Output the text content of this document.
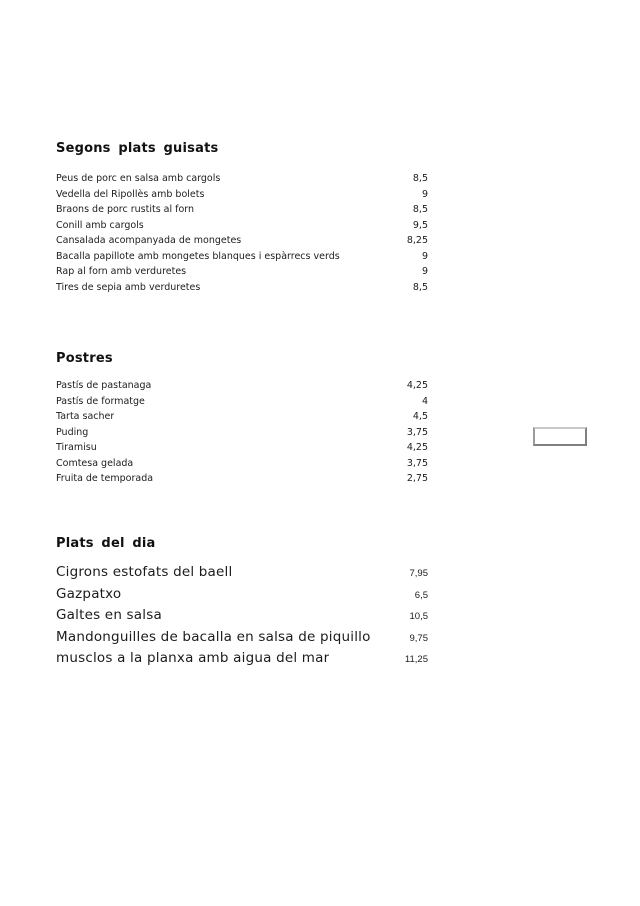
Segons plats guisats
Peus de porc en salsa amb cargols	8,5
Vedella del Ripollès amb bolets	9
Braons de porc rustits al forn	8,5
Conill amb cargols	9,5
Cansalada acompanyada de mongetes	8,25
Bacalla papillote amb mongetes blanques i espàrrecs verds	9
Rap al forn amb verduretes	9
Tires de sepia amb verduretes	8,5
Postres
Pastís de pastanaga	4,25
Pastís de formatge	4
Tarta sacher	4,5
Puding	3,75
Tiramisu	4,25
Comtesa gelada	3,75
Fruita de temporada	2,75
Plats del dia
Cigrons estofats del baell	7,95
Gazpatxo	6,5
Galtes en salsa	10,5
Mandonguilles de bacalla en salsa de piquillo	9,75
musclos a la planxa amb aigua del mar	11,25
